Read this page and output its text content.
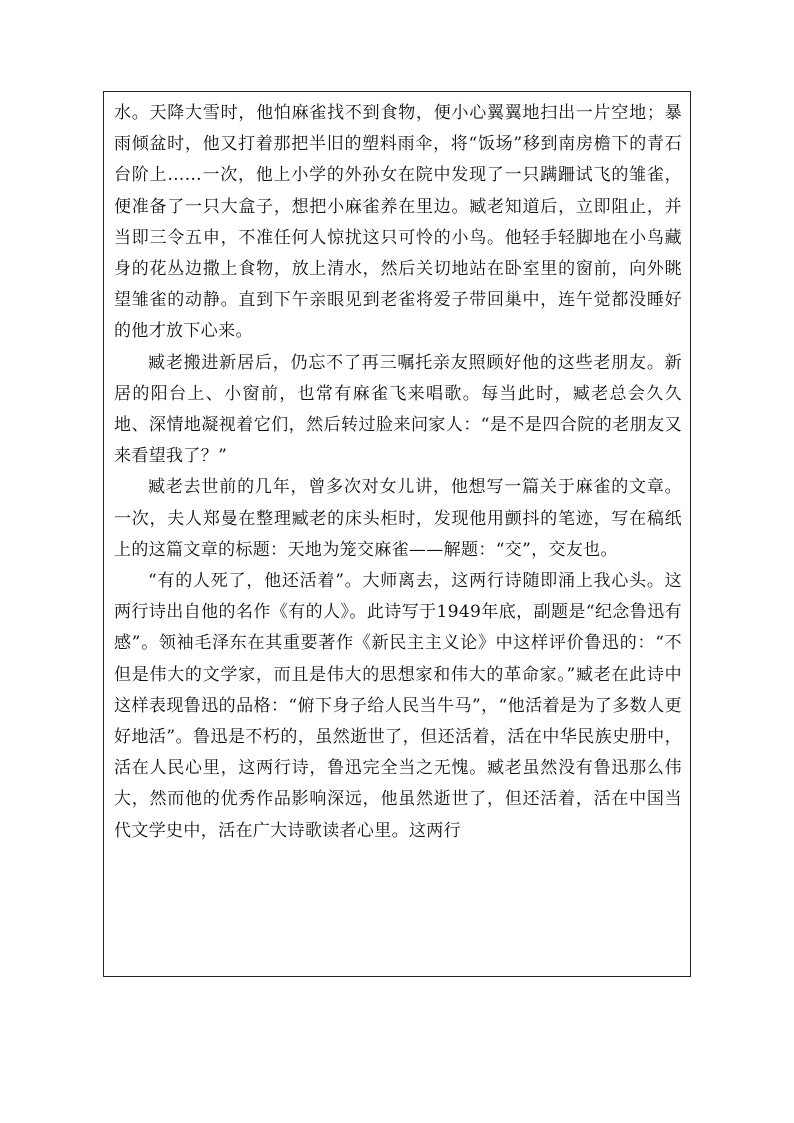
水。天降大雪时，他怕麻雀找不到食物，便小心翼翼地扫出一片空地；暴雨倾盆时，他又打着那把半旧的塑料雨伞，将“饭场”移到南房檐下的青石台阶上……一次，他上小学的外孙女在院中发现了一只蹒跚试飞的雏雀，便准备了一只大盒子，想把小麻雀养在里边。臧老知道后，立即阻止，并当即三令五申，不准任何人惊扰这只可怜的小鸟。他轻手轻脚地在小鸟藏身的花丛边撒上食物，放上清水，然后关切地站在卧室里的窗前，向外眺望雏雀的动静。直到下午亲眼见到老雀将爱子带回巢中，连午觉都没睡好的他才放下心来。

臧老搬进新居后，仍忘不了再三嘱托亲友照顾好他的这些老朋友。新居的阳台上、小窗前，也常有麻雀飞来唱歌。每当此时，臧老总会久久地、深情地凝视着它们，然后转过脸来问家人：“是不是四合院的老朋友又来看望我了？”

臧老去世前的几年，曾多次对女儿讲，他想写一篇关于麻雀的文章。一次，夫人郑曼在整理臧老的床头柜时，发现他用颤抖的笔迹，写在稿纸上的这篇文章的标题：天地为笼交麻雀——解题：“交”，交友也。

“有的人死了，他还活着”。大师离去，这两行诗随即涌上我心头。这两行诗出自他的名作《有的人》。此诗写于1949年底，副题是“纪念鲁迅有感”。领袖毛泽东在其重要著作《新民主主义论》中这样评价鲁迅的：“不但是伟大的文学家，而且是伟大的思想家和伟大的革命家。”臧老在此诗中这样表现鲁迅的品格：“俯下身子给人民当牛马”，“他活着是为了多数人更好地活”。鲁迅是不朽的，虽然逝世了，但还活着，活在中华民族史册中，活在人民心里，这两行诗，鲁迅完全当之无愧。臧老虽然没有鲁迅那么伟大，然而他的优秀作品影响深远，他虽然逝世了，但还活着，活在中国当代文学史中，活在广大诗歌读者心里。这两行
